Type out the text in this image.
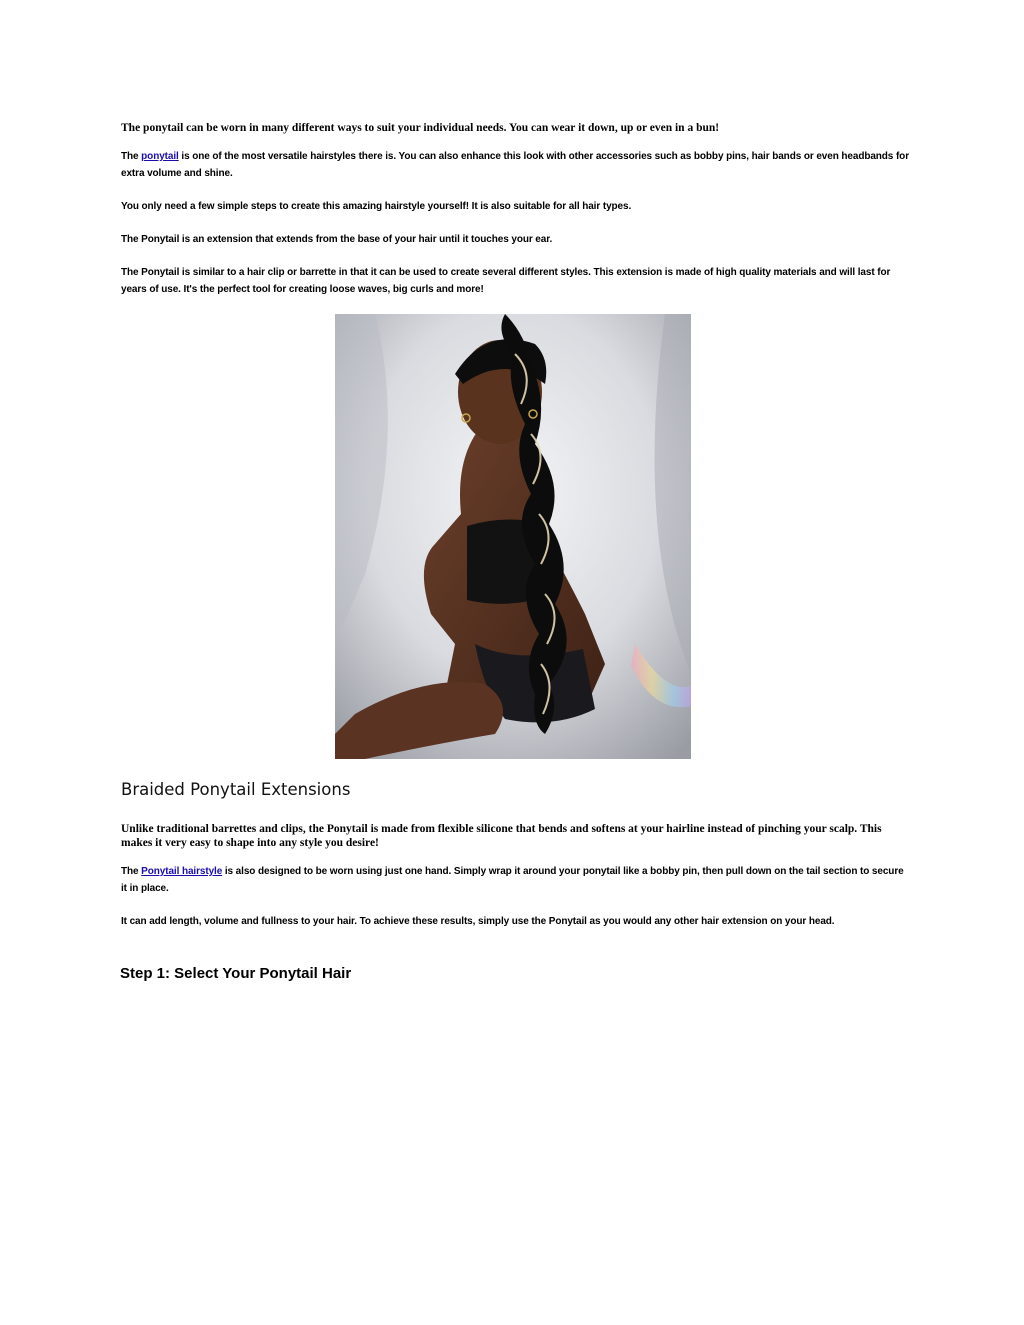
The ponytail can be worn in many different ways to suit your individual needs. You can wear it down, up or even in a bun!

The ponytail is one of the most versatile hairstyles there is. You can also enhance this look with other accessories such as bobby pins, hair bands or even headbands for extra volume and shine.

You only need a few simple steps to create this amazing hairstyle yourself! It is also suitable for all hair types.

The Ponytail is an extension that extends from the base of your hair until it touches your ear.

The Ponytail is similar to a hair clip or barrette in that it can be used to create several different styles. This extension is made of high quality materials and will last for years of use. It's the perfect tool for creating loose waves, big curls and more!

Braided Ponytail Extensions

Unlike traditional barrettes and clips, the Ponytail is made from flexible silicone that bends and softens at your hairline instead of pinching your scalp. This makes it very easy to shape into any style you desire!

The Ponytail hairstyle is also designed to be worn using just one hand. Simply wrap it around your ponytail like a bobby pin, then pull down on the tail section to secure it in place.

It can add length, volume and fullness to your hair. To achieve these results, simply use the Ponytail as you would any other hair extension on your head.

Step 1: Select Your Ponytail Hair
